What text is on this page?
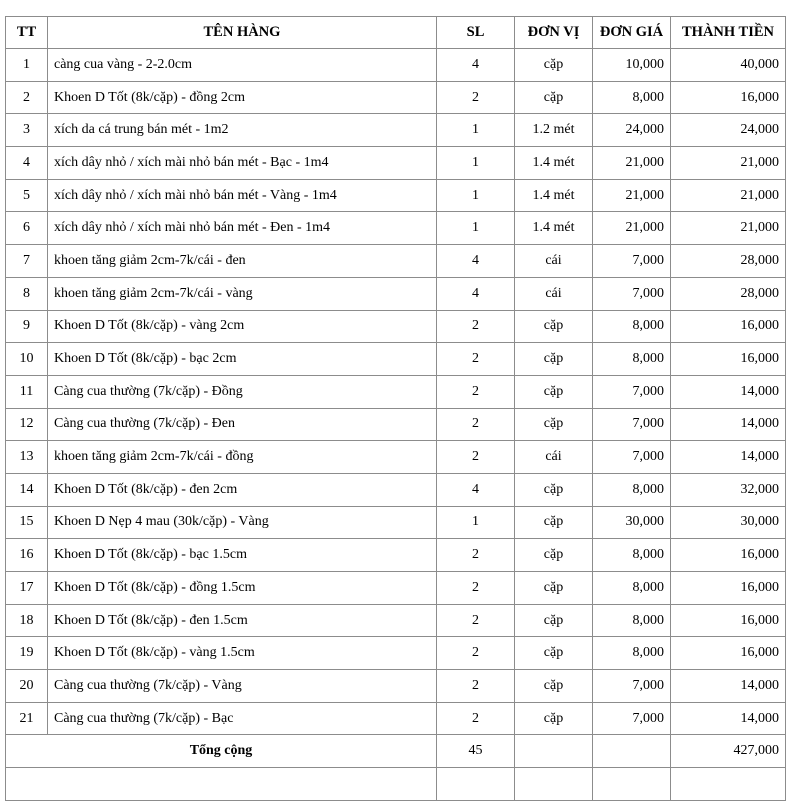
TT	TÊN HÀNG	SL	ĐƠN VỊ	ĐƠN GIÁ	THÀNH TIỀN
1	càng cua vàng - 2-2.0cm	4	cặp	10,000	40,000
2	Khoen D Tốt (8k/cặp) - đồng 2cm	2	cặp	8,000	16,000
3	xích da cá trung bán mét - 1m2	1	1.2 mét	24,000	24,000
4	xích dây nhỏ / xích mài nhỏ bán mét - Bạc - 1m4	1	1.4 mét	21,000	21,000
5	xích dây nhỏ / xích mài nhỏ bán mét - Vàng - 1m4	1	1.4 mét	21,000	21,000
6	xích dây nhỏ / xích mài nhỏ bán mét - Đen - 1m4	1	1.4 mét	21,000	21,000
7	khoen tăng giảm 2cm-7k/cái - đen	4	cái	7,000	28,000
8	khoen tăng giảm 2cm-7k/cái - vàng	4	cái	7,000	28,000
9	Khoen D Tốt (8k/cặp) - vàng 2cm	2	cặp	8,000	16,000
10	Khoen D Tốt (8k/cặp) - bạc 2cm	2	cặp	8,000	16,000
11	Càng cua thường (7k/cặp) - Đồng	2	cặp	7,000	14,000
12	Càng cua thường (7k/cặp) - Đen	2	cặp	7,000	14,000
13	khoen tăng giảm 2cm-7k/cái - đồng	2	cái	7,000	14,000
14	Khoen D Tốt (8k/cặp) - đen 2cm	4	cặp	8,000	32,000
15	Khoen D Nẹp 4 mau (30k/cặp) - Vàng	1	cặp	30,000	30,000
16	Khoen D Tốt (8k/cặp) - bạc 1.5cm	2	cặp	8,000	16,000
17	Khoen D Tốt (8k/cặp) - đồng 1.5cm	2	cặp	8,000	16,000
18	Khoen D Tốt (8k/cặp) - đen 1.5cm	2	cặp	8,000	16,000
19	Khoen D Tốt (8k/cặp) - vàng 1.5cm	2	cặp	8,000	16,000
20	Càng cua thường (7k/cặp) - Vàng	2	cặp	7,000	14,000
21	Càng cua thường (7k/cặp) - Bạc	2	cặp	7,000	14,000
Tổng cộng		45			427,000
